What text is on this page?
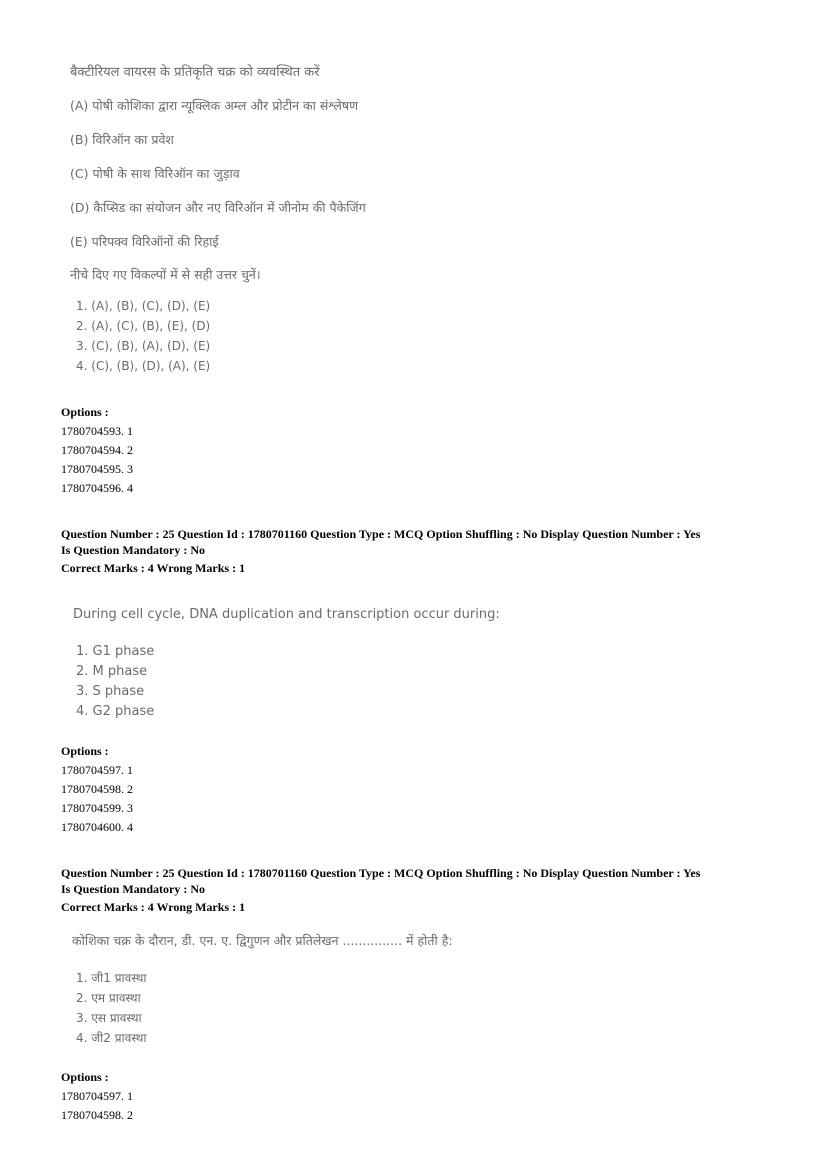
बैक्टीरियल वायरस के प्रतिकृति चक्र को व्यवस्थित करें

(A) पोषी कोशिका द्वारा न्यूक्लिक अम्ल और प्रोटीन का संश्लेषण

(B) विरिऑन का प्रवेश

(C) पोषी के साथ विरिऑन का जुड़ाव

(D) कैप्सिड का संयोजन और नए विरिऑन में जीनोम की पैकेजिंग

(E) परिपक्व विरिऑनों की रिहाई

नीचे दिए गए विकल्पों में से सही उत्तर चुनें।

1. (A), (B), (C), (D), (E)

2. (A), (C), (B), (E), (D)

3. (C), (B), (A), (D), (E)

4. (C), (B), (D), (A), (E)

Options :
1780704593. 1
1780704594. 2
1780704595. 3
1780704596. 4
Question Number : 25 Question Id : 1780701160 Question Type : MCQ Option Shuffling : No Display Question Number : Yes
Is Question Mandatory : No
Correct Marks : 4 Wrong Marks : 1

During cell cycle, DNA duplication and transcription occur during:

1. G1 phase

2. M phase

3. S phase

4. G2 phase

Options :
1780704597. 1
1780704598. 2
1780704599. 3
1780704600. 4
Question Number : 25 Question Id : 1780701160 Question Type : MCQ Option Shuffling : No Display Question Number : Yes
Is Question Mandatory : No
Correct Marks : 4 Wrong Marks : 1

कोशिका चक्र के दौरान, डी. एन. ए. द्विगुणन और प्रतिलेखन ............... में होती है:

1. जी1 प्रावस्था

2. एम प्रावस्था

3. एस प्रावस्था

4. जी2 प्रावस्था

Options :
1780704597. 1
1780704598. 2
